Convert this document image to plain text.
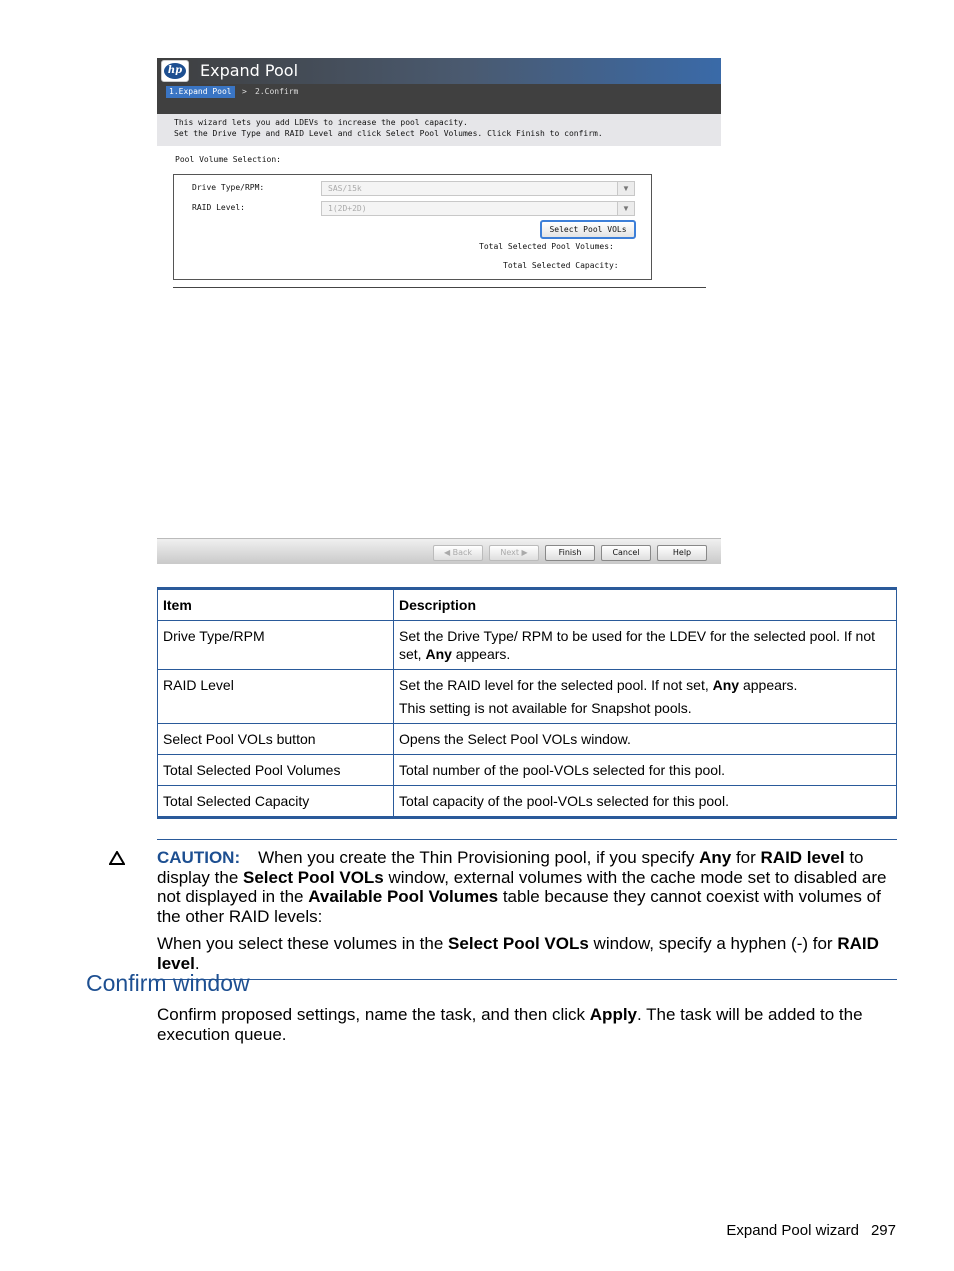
hp Expand Pool
1.Expand Pool	> 2.Confirm
This wizard lets you add LDEVs to increase the pool capacity.
Set the Drive Type and RAID Level and click Select Pool Volumes. Click Finish to confirm.
Pool Volume Selection:
Drive Type/RPM:	SAS/15k	▼
RAID Level:	1(2D+2D)	▼
Select Pool VOLs
Total Selected Pool Volumes:
Total Selected Capacity:
◀ Back	Next ▶	Finish	Cancel	Help
Item	Description
Drive Type/RPM	Set the Drive Type/ RPM to be used for the LDEV for the selected pool. If not set, Any appears.
RAID Level	Set the RAID level for the selected pool. If not set, Any appears.

This setting is not available for Snapshot pools.

Select Pool VOLs button	Opens the Select Pool VOLs window.
Total Selected Pool Volumes	Total number of the pool-VOLs selected for this pool.
Total Selected Capacity	Total capacity of the pool-VOLs selected for this pool.

CAUTION: When you create the Thin Provisioning pool, if you specify Any for RAID level to display the Select Pool VOLs window, external volumes with the cache mode set to disabled are not displayed in the Available Pool Volumes table because they cannot coexist with volumes of the other RAID levels:

When you select these volumes in the Select Pool VOLs window, specify a hyphen (-) for RAID level.

Confirm window

Confirm proposed settings, name the task, and then click Apply. The task will be added to the execution queue.

Expand Pool wizard 297
